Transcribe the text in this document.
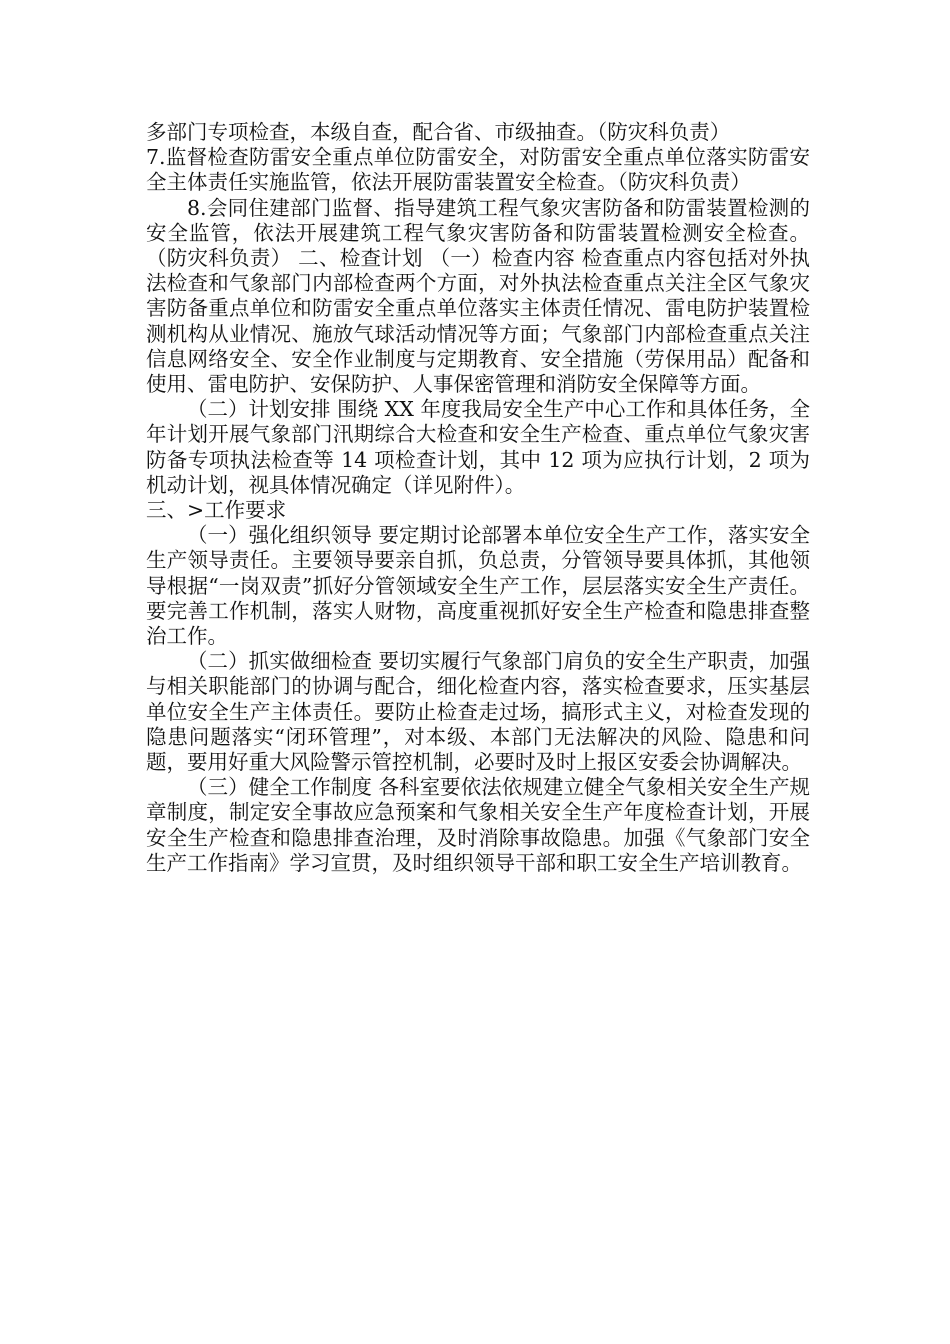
多部门专项检查，本级自查，配合省、市级抽查。（防灾科负责）

7.监督检查防雷安全重点单位防雷安全，对防雷安全重点单位落实防雷安全主体责任实施监管，依法开展防雷装置安全检查。（防灾科负责）

8.会同住建部门监督、指导建筑工程气象灾害防备和防雷装置检测的安全监管，依法开展建筑工程气象灾害防备和防雷装置检测安全检查。（防灾科负责） 二、检查计划 （一）检查内容 检查重点内容包括对外执法检查和气象部门内部检查两个方面，对外执法检查重点关注全区气象灾害防备重点单位和防雷安全重点单位落实主体责任情况、雷电防护装置检测机构从业情况、施放气球活动情况等方面；气象部门内部检查重点关注信息网络安全、安全作业制度与定期教育、安全措施（劳保用品）配备和使用、雷电防护、安保防护、人事保密管理和消防安全保障等方面。

（二）计划安排 围绕 XX 年度我局安全生产中心工作和具体任务，全年计划开展气象部门汛期综合大检查和安全生产检查、重点单位气象灾害防备专项执法检查等 14 项检查计划，其中 12 项为应执行计划，2 项为机动计划，视具体情况确定（详见附件）。

三、>工作要求

（一）强化组织领导 要定期讨论部署本单位安全生产工作，落实安全生产领导责任。主要领导要亲自抓，负总责，分管领导要具体抓，其他领导根据“一岗双责”抓好分管领域安全生产工作，层层落实安全生产责任。要完善工作机制，落实人财物，高度重视抓好安全生产检查和隐患排查整治工作。

（二）抓实做细检查 要切实履行气象部门肩负的安全生产职责，加强与相关职能部门的协调与配合，细化检查内容，落实检查要求，压实基层单位安全生产主体责任。要防止检查走过场，搞形式主义，对检查发现的隐患问题落实“闭环管理”，对本级、本部门无法解决的风险、隐患和问题，要用好重大风险警示管控机制，必要时及时上报区安委会协调解决。

（三）健全工作制度 各科室要依法依规建立健全气象相关安全生产规章制度，制定安全事故应急预案和气象相关安全生产年度检查计划，开展安全生产检查和隐患排查治理，及时消除事故隐患。加强《气象部门安全生产工作指南》学习宣贯，及时组织领导干部和职工安全生产培训教育。
